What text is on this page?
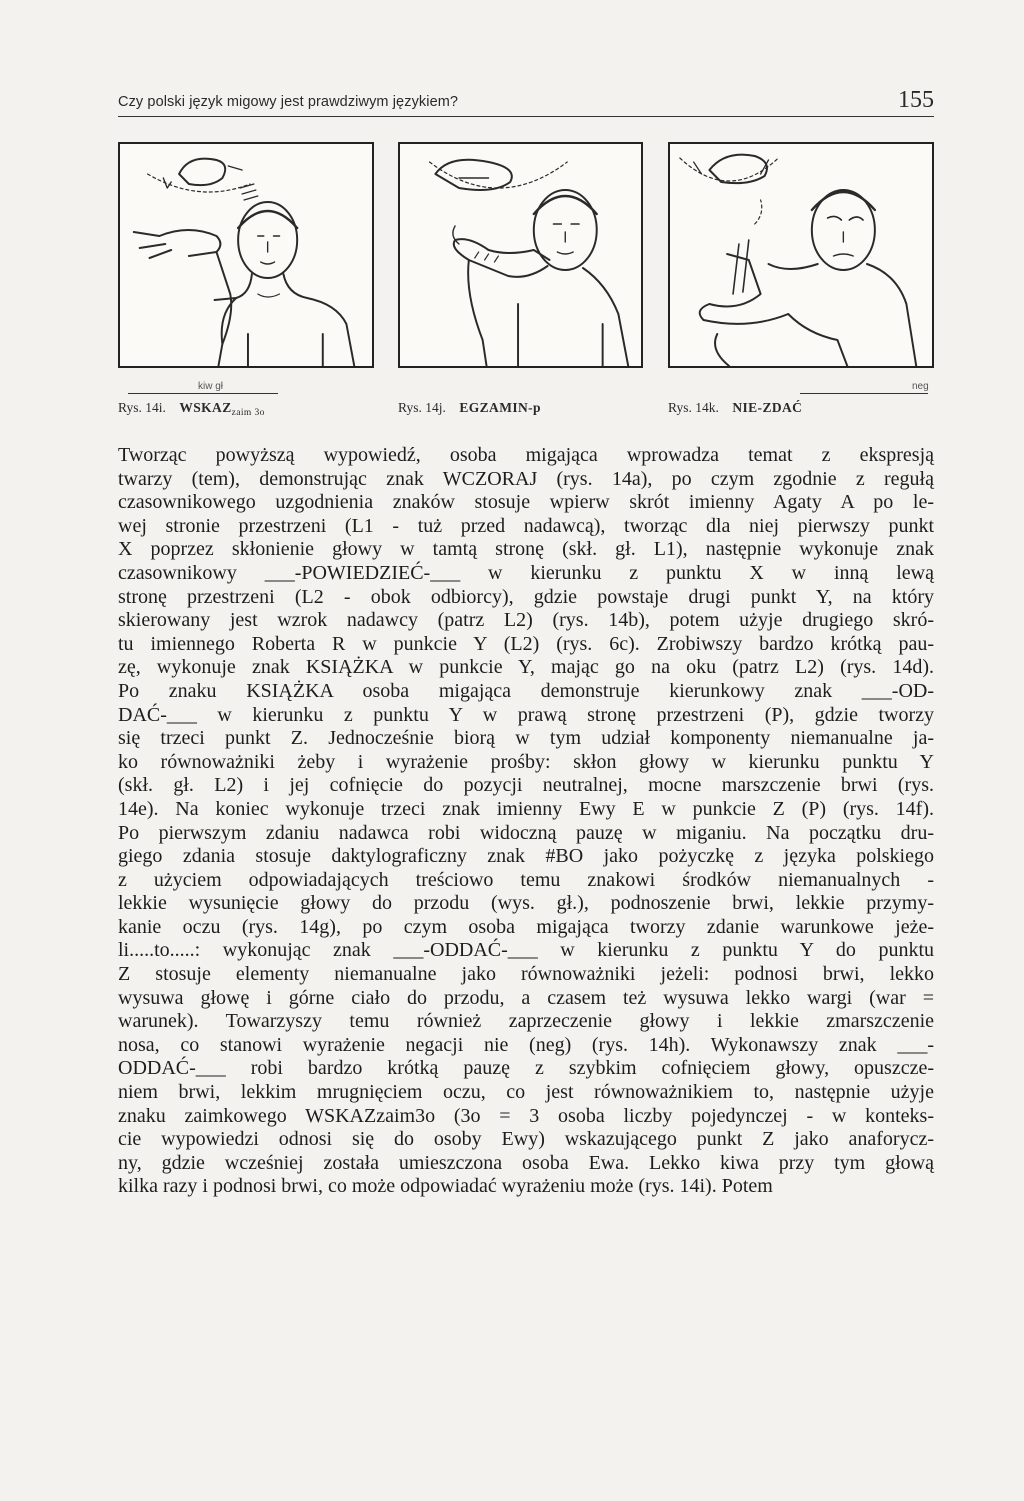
Czy polski język migowy jest prawdziwym językiem?	155
kiw gł
Rys. 14i. $WSKAZ_{zaim 3o}$	Rys. 14j. EGZAMIN-p
neg
Rys. 14k. NIE-ZDAĆ
Tworząc powyższą wypowiedź, osoba migająca wprowadza temat z ekspresją
twarzy (tem), demonstrując znak WCZORAJ (rys. 14a), po czym zgodnie z regułą
czasownikowego uzgodnienia znaków stosuje wpierw skrót imienny Agaty A po le-
wej stronie przestrzeni (L1 - tuż przed nadawcą), tworząc dla niej pierwszy punkt
X poprzez skłonienie głowy w tamtą stronę (skł. gł. L1), następnie wykonuje znak
czasownikowy ___-POWIEDZIEĆ-___ w kierunku z punktu X w inną lewą
stronę przestrzeni (L2 - obok odbiorcy), gdzie powstaje drugi punkt Y, na który
skierowany jest wzrok nadawcy (patrz L2) (rys. 14b), potem użyje drugiego skró-
tu imiennego Roberta R w punkcie Y (L2) (rys. 6c). Zrobiwszy bardzo krótką pau-
zę, wykonuje znak KSIĄŻKA w punkcie Y, mając go na oku (patrz L2) (rys. 14d).
Po znaku KSIĄŻKA osoba migająca demonstruje kierunkowy znak ___-OD-
DAĆ-___ w kierunku z punktu Y w prawą stronę przestrzeni (P), gdzie tworzy
się trzeci punkt Z. Jednocześnie biorą w tym udział komponenty niemanualne ja-
ko równoważniki żeby i wyrażenie prośby: skłon głowy w kierunku punktu Y
(skł. gł. L2) i jej cofnięcie do pozycji neutralnej, mocne marszczenie brwi (rys.
14e). Na koniec wykonuje trzeci znak imienny Ewy E w punkcie Z (P) (rys. 14f).
Po pierwszym zdaniu nadawca robi widoczną pauzę w miganiu. Na początku dru-
giego zdania stosuje daktylograficzny znak #BO jako pożyczkę z języka polskiego
z użyciem odpowiadających treściowo temu znakowi środków niemanualnych -
lekkie wysunięcie głowy do przodu (wys. gł.), podnoszenie brwi, lekkie przymy-
kanie oczu (rys. 14g), po czym osoba migająca tworzy zdanie warunkowe jeże-
li.....to.....: wykonując znak ___-ODDAĆ-___ w kierunku z punktu Y do punktu
Z stosuje elementy niemanualne jako równoważniki jeżeli: podnosi brwi, lekko
wysuwa głowę i górne ciało do przodu, a czasem też wysuwa lekko wargi (war =
warunek). Towarzyszy temu również zaprzeczenie głowy i lekkie zmarszczenie
nosa, co stanowi wyrażenie negacji nie (neg) (rys. 14h). Wykonawszy znak ___-
ODDAĆ-___ robi bardzo krótką pauzę z szybkim cofnięciem głowy, opuszcze-
niem brwi, lekkim mrugnięciem oczu, co jest równoważnikiem to, następnie użyje
znaku zaimkowego WSKAZzaim3o (3o = 3 osoba liczby pojedynczej - w konteks-
cie wypowiedzi odnosi się do osoby Ewy) wskazującego punkt Z jako anaforycz-
ny, gdzie wcześniej została umieszczona osoba Ewa. Lekko kiwa przy tym głową
kilka razy i podnosi brwi, co może odpowiadać wyrażeniu może (rys. 14i). Potem
